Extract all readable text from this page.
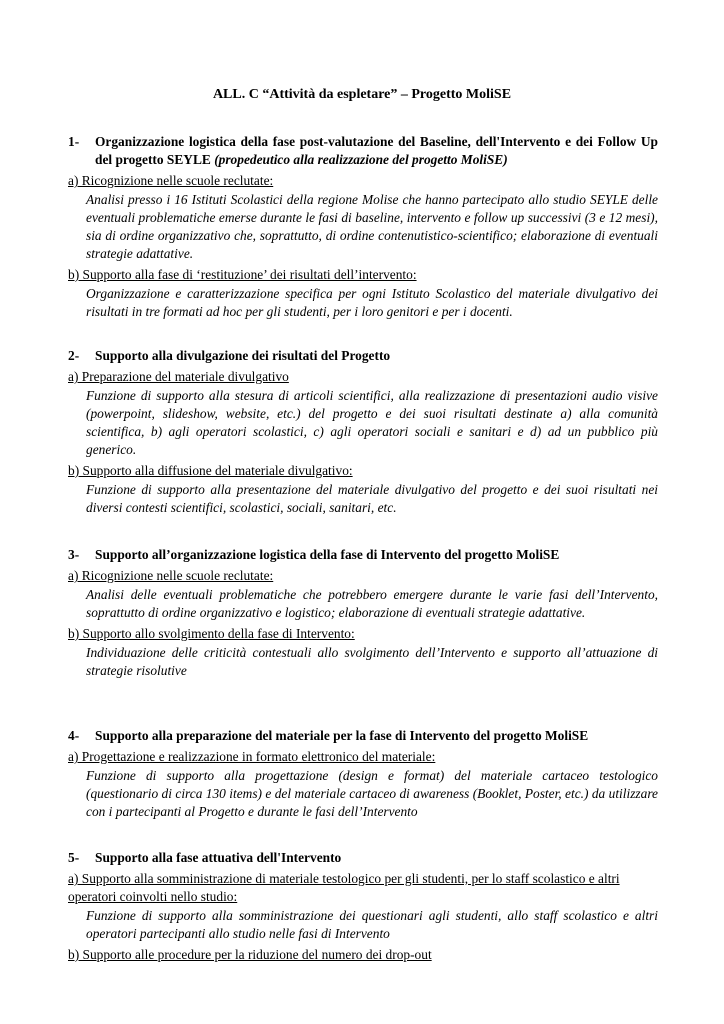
ALL. C “Attività da espletare” – Progetto MoliSE
1-	Organizzazione logistica della fase post-valutazione del Baseline, dell'Intervento e dei Follow Up del progetto SEYLE (propedeutico alla realizzazione del progetto MoliSE)
a) Ricognizione nelle scuole reclutate:
Analisi presso i 16 Istituti Scolastici della regione Molise che hanno partecipato allo studio SEYLE delle eventuali problematiche emerse durante le fasi di baseline, intervento e follow up successivi (3 e 12 mesi), sia di ordine organizzativo che, soprattutto, di ordine contenutistico-scientifico; elaborazione di eventuali strategie adattative.
b) Supporto alla fase di ‘restituzione’ dei risultati dell’intervento:
Organizzazione e caratterizzazione specifica per ogni Istituto Scolastico del materiale divulgativo dei risultati in tre formati ad hoc per gli studenti, per i loro genitori e per i docenti.
2-	Supporto alla divulgazione dei risultati del Progetto
a) Preparazione del materiale divulgativo
Funzione di supporto alla stesura di articoli scientifici, alla realizzazione di presentazioni audio visive (powerpoint, slideshow, website, etc.) del progetto e dei suoi risultati destinate a) alla comunità scientifica, b) agli operatori scolastici, c) agli operatori sociali e sanitari e d) ad un pubblico più generico.
b) Supporto alla diffusione del materiale divulgativo:
Funzione di supporto alla presentazione del materiale divulgativo del progetto e dei suoi risultati nei diversi contesti scientifici, scolastici, sociali, sanitari, etc.
3-	Supporto all’organizzazione logistica della fase di Intervento del progetto MoliSE
a) Ricognizione nelle scuole reclutate:
Analisi delle eventuali problematiche che potrebbero emergere durante le varie fasi dell’Intervento, soprattutto di ordine organizzativo e logistico; elaborazione di eventuali strategie adattative.
b) Supporto allo svolgimento della fase di Intervento:
Individuazione delle criticità contestuali allo svolgimento dell’Intervento e supporto all’attuazione di strategie risolutive
4-	Supporto alla preparazione del materiale per la fase di Intervento del progetto MoliSE
a) Progettazione e realizzazione in formato elettronico del materiale:
Funzione di supporto alla progettazione (design e format) del materiale cartaceo testologico (questionario di circa 130 items) e del materiale cartaceo di awareness (Booklet, Poster, etc.) da utilizzare con i partecipanti al Progetto e durante le fasi dell’Intervento
5-	Supporto alla fase attuativa dell'Intervento
a) Supporto alla somministrazione di materiale testologico per gli studenti, per lo staff scolastico e altri operatori coinvolti nello studio:
Funzione di supporto alla somministrazione dei questionari agli studenti, allo staff scolastico e altri operatori partecipanti allo studio nelle fasi di Intervento
b) Supporto alle procedure per la riduzione del numero dei drop-out
